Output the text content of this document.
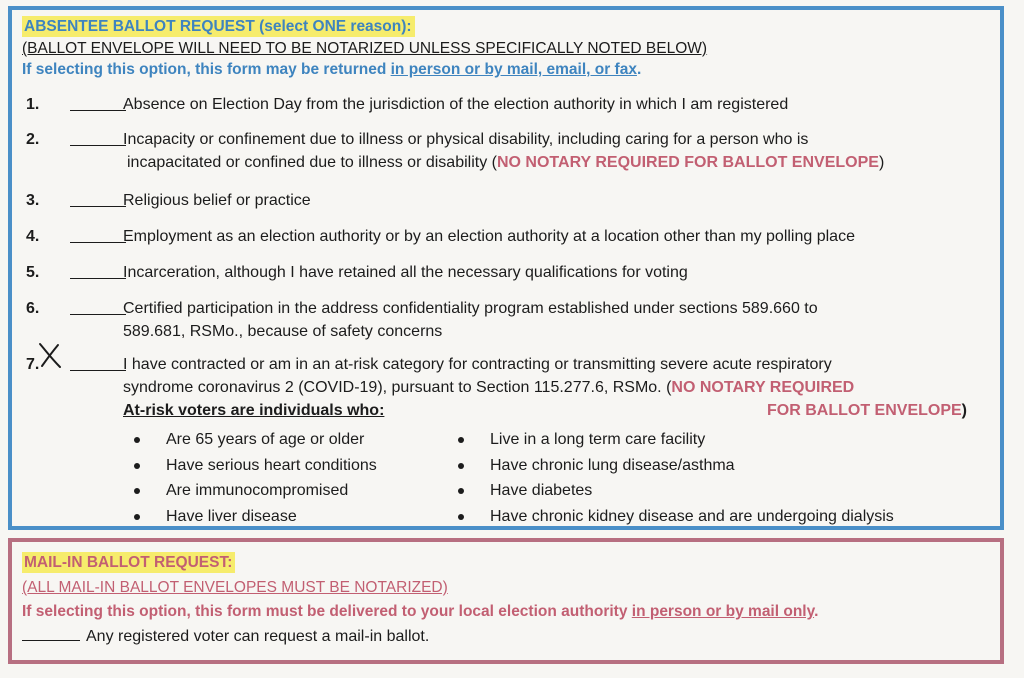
ABSENTEE BALLOT REQUEST (select ONE reason):
(BALLOT ENVELOPE WILL NEED TO BE NOTARIZED UNLESS SPECIFICALLY NOTED BELOW)
If selecting this option, this form may be returned in person or by mail, email, or fax.
1.	Absence on Election Day from the jurisdiction of the election authority in which I am registered
2.	Incapacity or confinement due to illness or physical disability, including caring for a person who is
incapacitated or confined due to illness or disability (NO NOTARY REQUIRED FOR BALLOT ENVELOPE)
3.	Religious belief or practice
4.	Employment as an election authority or by an election authority at a location other than my polling place
5.	Incarceration, although I have retained all the necessary qualifications for voting
6.	Certified participation in the address confidentiality program established under sections 589.660 to
589.681, RSMo., because of safety concerns
7.	I have contracted or am in an at-risk category for contracting or transmitting severe acute respiratory
syndrome coronavirus 2 (COVID-19), pursuant to Section 115.277.6, RSMo. (NO NOTARY REQUIRED
At-risk voters are individuals who:	FOR BALLOT ENVELOPE)
Are 65 years of age or older
Have serious heart conditions
Are immunocompromised
Have liver disease
Live in a long term care facility
Have chronic lung disease/asthma
Have diabetes
Have chronic kidney disease and are undergoing dialysis
MAIL-IN BALLOT REQUEST:
(ALL MAIL-IN BALLOT ENVELOPES MUST BE NOTARIZED)
If selecting this option, this form must be delivered to your local election authority in person or by mail only.
Any registered voter can request a mail-in ballot.
